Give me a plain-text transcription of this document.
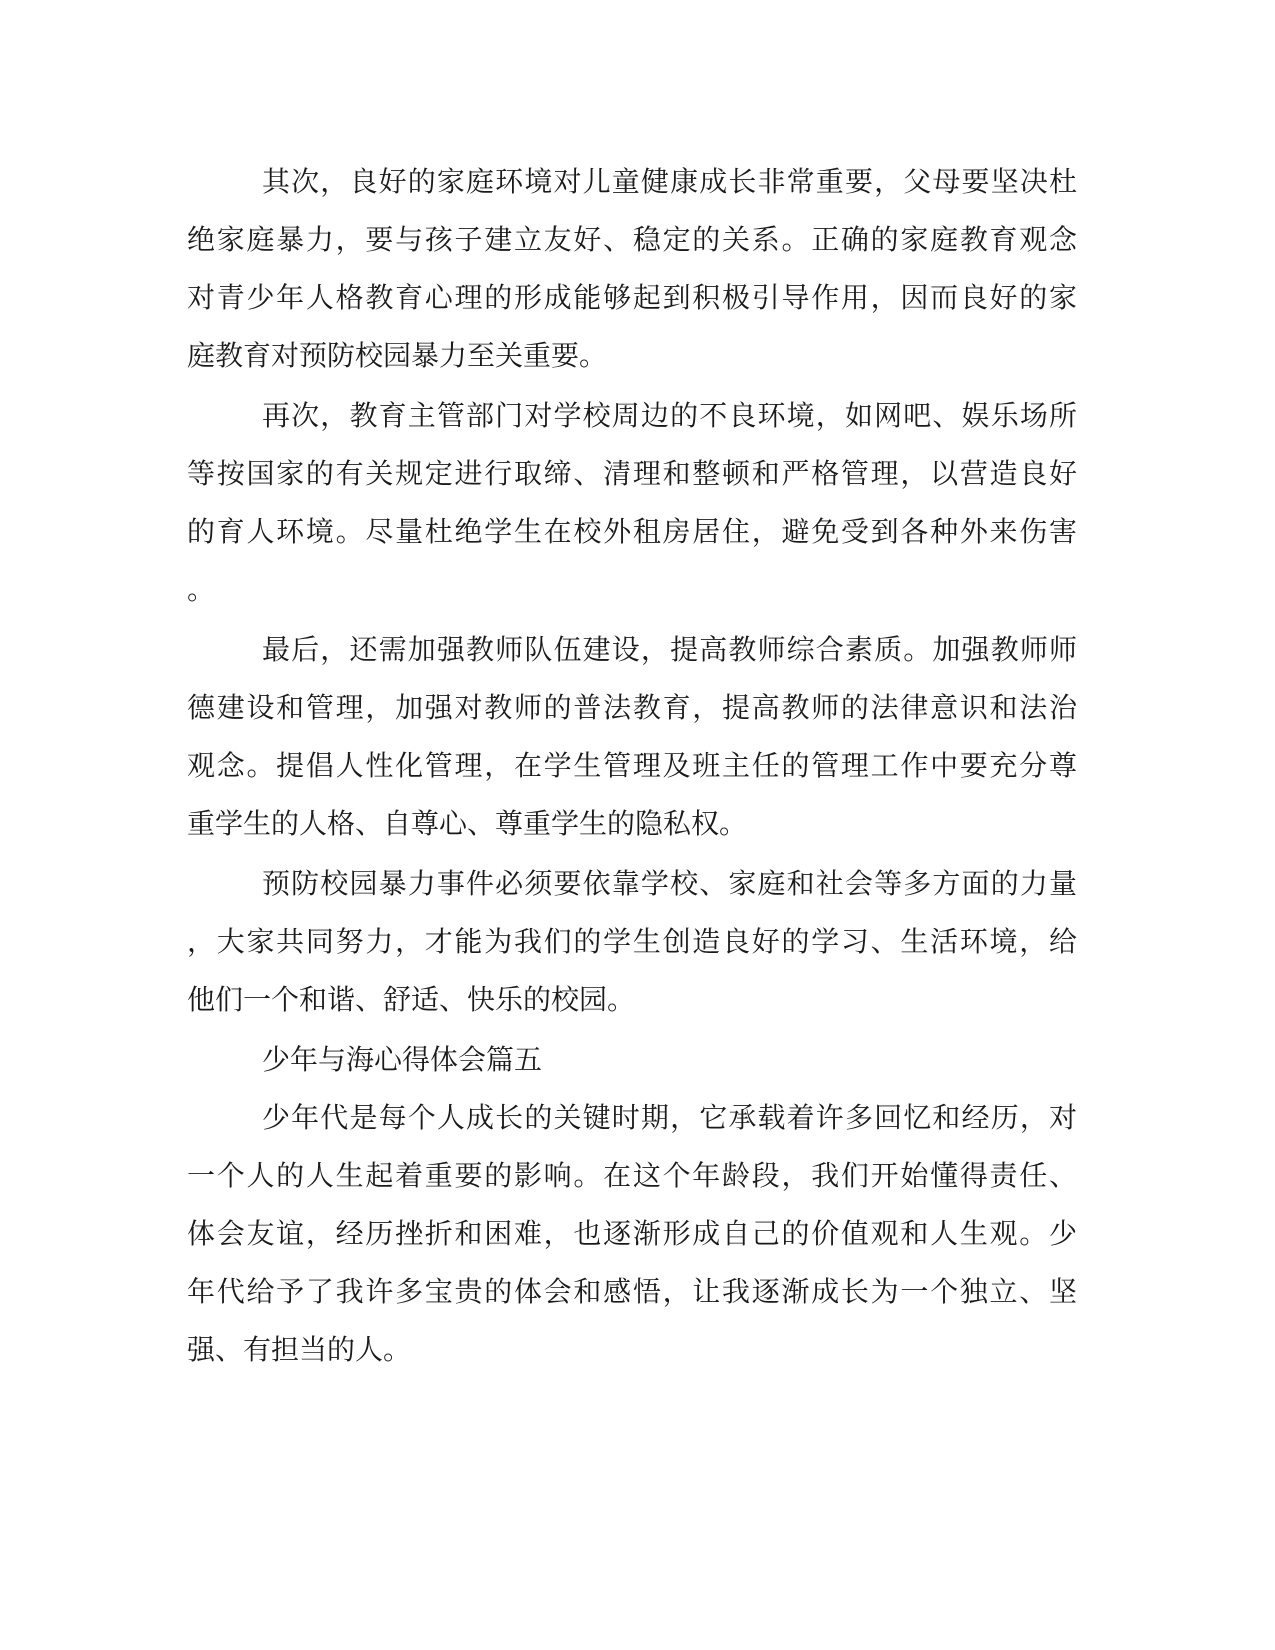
其次，良好的家庭环境对儿童健康成长非常重要，父母要坚决杜
绝家庭暴力，要与孩子建立友好、稳定的关系。正确的家庭教育观念
对青少年人格教育心理的形成能够起到积极引导作用，因而良好的家
庭教育对预防校园暴力至关重要。
再次，教育主管部门对学校周边的不良环境，如网吧、娱乐场所
等按国家的有关规定进行取缔、清理和整顿和严格管理，以营造良好
的育人环境。尽量杜绝学生在校外租房居住，避免受到各种外来伤害
。
最后，还需加强教师队伍建设，提高教师综合素质。加强教师师
德建设和管理，加强对教师的普法教育，提高教师的法律意识和法治
观念。提倡人性化管理，在学生管理及班主任的管理工作中要充分尊
重学生的人格、自尊心、尊重学生的隐私权。
预防校园暴力事件必须要依靠学校、家庭和社会等多方面的力量
，大家共同努力，才能为我们的学生创造良好的学习、生活环境，给
他们一个和谐、舒适、快乐的校园。
少年与海心得体会篇五
少年代是每个人成长的关键时期，它承载着许多回忆和经历，对
一个人的人生起着重要的影响。在这个年龄段，我们开始懂得责任、
体会友谊，经历挫折和困难，也逐渐形成自己的价值观和人生观。少
年代给予了我许多宝贵的体会和感悟，让我逐渐成长为一个独立、坚
强、有担当的人。
